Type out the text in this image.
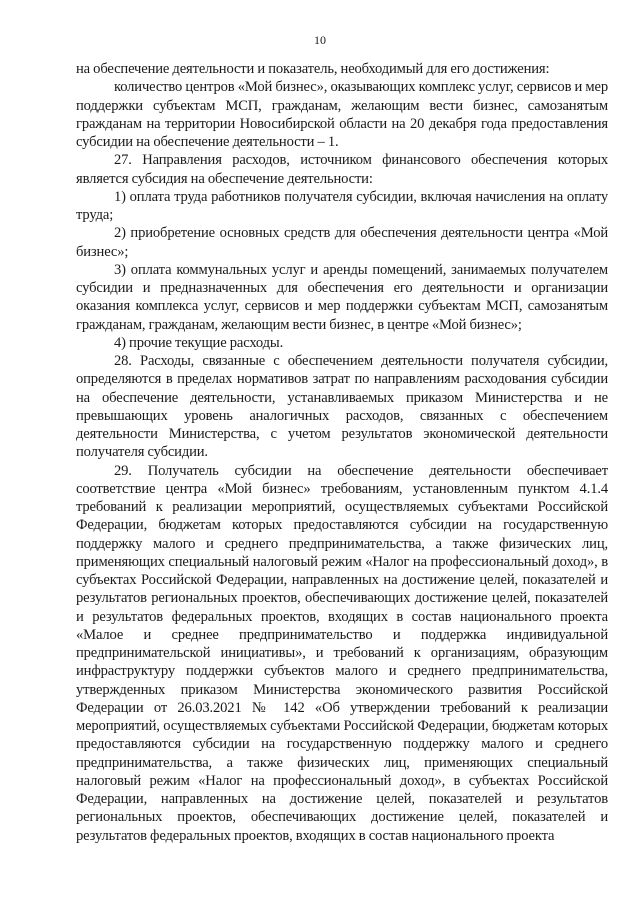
10

на обеспечение деятельности и показатель, необходимый для его достижения:

количество центров «Мой бизнес», оказывающих комплекс услуг, сервисов и мер поддержки субъектам МСП, гражданам, желающим вести бизнес, самозанятым гражданам на территории Новосибирской области на 20 декабря года предоставления субсидии на обеспечение деятельности – 1.

27. Направления расходов, источником финансового обеспечения которых является субсидия на обеспечение деятельности:

1) оплата труда работников получателя субсидии, включая начисления на оплату труда;

2) приобретение основных средств для обеспечения деятельности центра «Мой бизнес»;

3) оплата коммунальных услуг и аренды помещений, занимаемых получателем субсидии и предназначенных для обеспечения его деятельности и организации оказания комплекса услуг, сервисов и мер поддержки субъектам МСП, самозанятым гражданам, гражданам, желающим вести бизнес, в центре «Мой бизнес»;

4) прочие текущие расходы.

28. Расходы, связанные с обеспечением деятельности получателя субсидии, определяются в пределах нормативов затрат по направлениям расходования субсидии на обеспечение деятельности, устанавливаемых приказом Министерства и не превышающих уровень аналогичных расходов, связанных с обеспечением деятельности Министерства, с учетом результатов экономической деятельности получателя субсидии.

29. Получатель субсидии на обеспечение деятельности обеспечивает соответствие центра «Мой бизнес» требованиям, установленным пунктом 4.1.4 требований к реализации мероприятий, осуществляемых субъектами Российской Федерации, бюджетам которых предоставляются субсидии на государственную поддержку малого и среднего предпринимательства, а также физических лиц, применяющих специальный налоговый режим «Налог на профессиональный доход», в субъектах Российской Федерации, направленных на достижение целей, показателей и результатов региональных проектов, обеспечивающих достижение целей, показателей и результатов федеральных проектов, входящих в состав национального проекта «Малое и среднее предпринимательство и поддержка индивидуальной предпринимательской инициативы», и требований к организациям, образующим инфраструктуру поддержки субъектов малого и среднего предпринимательства, утвержденных приказом Министерства экономического развития Российской Федерации от 26.03.2021 № 142 «Об утверждении требований к реализации мероприятий, осуществляемых субъектами Российской Федерации, бюджетам которых предоставляются субсидии на государственную поддержку малого и среднего предпринимательства, а также физических лиц, применяющих специальный налоговый режим «Налог на профессиональный доход», в субъектах Российской Федерации, направленных на достижение целей, показателей и результатов региональных проектов, обеспечивающих достижение целей, показателей и результатов федеральных проектов, входящих в состав национального проекта
